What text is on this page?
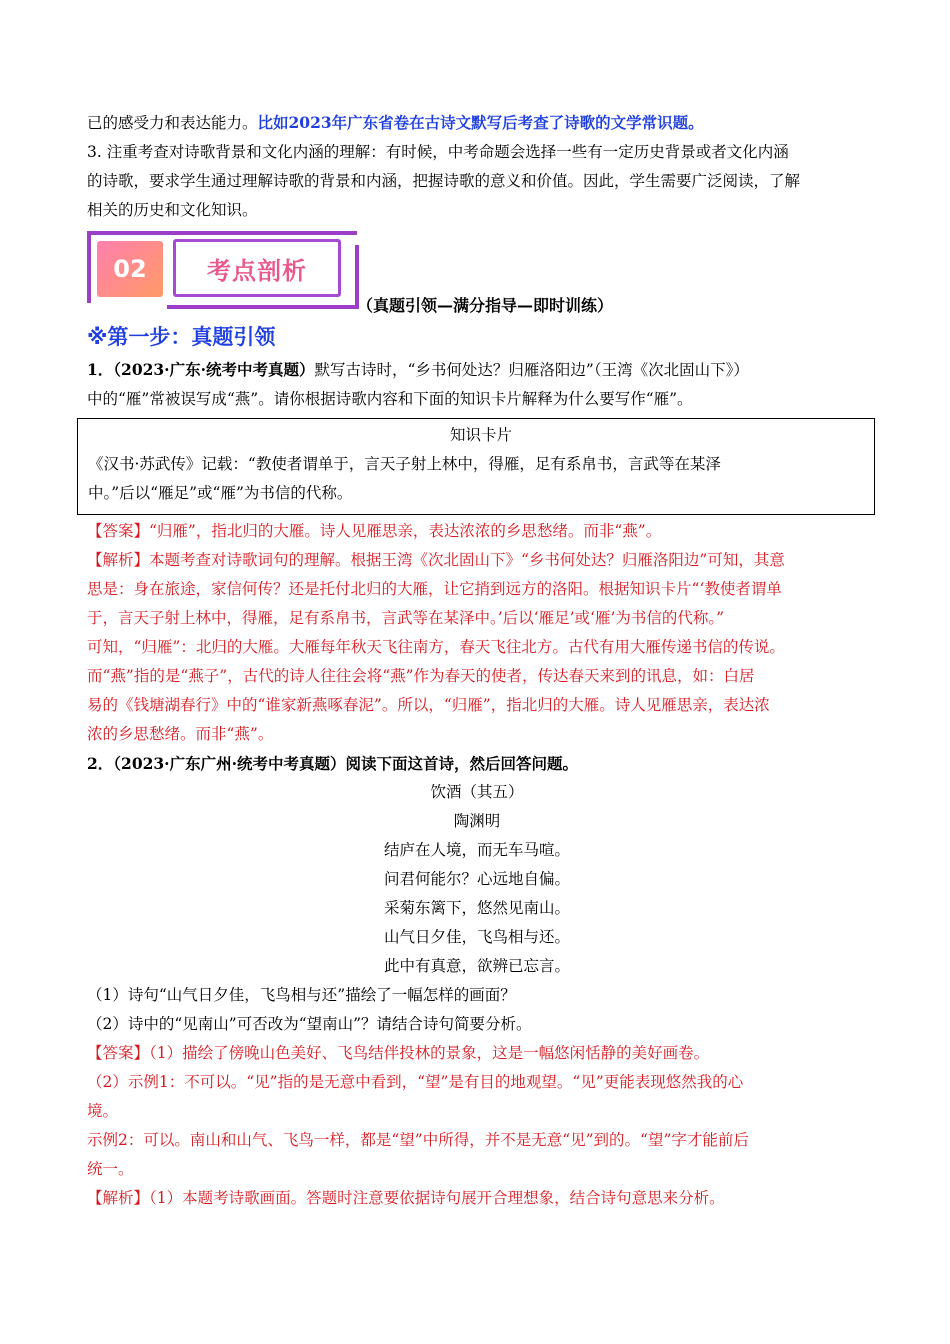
已的感受力和表达能力。比如2023年广东省卷在古诗文默写后考查了诗歌的文学常识题。
3. 注重考查对诗歌背景和文化内涵的理解：有时候，中考命题会选择一些有一定历史背景或者文化内涵
的诗歌，要求学生通过理解诗歌的背景和内涵，把握诗歌的意义和价值。因此，学生需要广泛阅读，了解
相关的历史和文化知识。
02	考点剖析
（真题引领—满分指导—即时训练）
※第一步：真题引领
1．（2023·广东·统考中考真题）默写古诗时，“乡书何处达？归雁洛阳边”（王湾《次北固山下》）
中的“雁”常被误写成“燕”。请你根据诗歌内容和下面的知识卡片解释为什么要写作“雁”。
知识卡片
《汉书·苏武传》记载：“教使者谓单于，言天子射上林中，得雁，足有系帛书，言武等在某泽
中。”后以“雁足”或“雁”为书信的代称。
【答案】“归雁”，指北归的大雁。诗人见雁思亲，表达浓浓的乡思愁绪。而非“燕”。
【解析】本题考查对诗歌词句的理解。根据王湾《次北固山下》“乡书何处达？归雁洛阳边”可知，其意
思是：身在旅途，家信何传？还是托付北归的大雁，让它捎到远方的洛阳。根据知识卡片“‘教使者谓单
于，言天子射上林中，得雁，足有系帛书，言武等在某泽中。’后以‘雁足’或‘雁’为书信的代称。”
可知，“归雁”：北归的大雁。大雁每年秋天飞往南方，春天飞往北方。古代有用大雁传递书信的传说。
而“燕”指的是“燕子”，古代的诗人往往会将“燕”作为春天的使者，传达春天来到的讯息，如：白居
易的《钱塘湖春行》中的“谁家新燕啄春泥”。所以，“归雁”，指北归的大雁。诗人见雁思亲，表达浓
浓的乡思愁绪。而非“燕”。
2．（2023·广东广州·统考中考真题）阅读下面这首诗，然后回答问题。
饮酒（其五）
陶渊明
结庐在人境，而无车马喧。
问君何能尔？心远地自偏。
采菊东篱下，悠然见南山。
山气日夕佳，飞鸟相与还。
此中有真意，欲辨已忘言。
（1）诗句“山气日夕佳，飞鸟相与还”描绘了一幅怎样的画面？
（2）诗中的“见南山”可否改为“望南山”？请结合诗句简要分析。
【答案】（1）描绘了傍晚山色美好、飞鸟结伴投林的景象，这是一幅悠闲恬静的美好画卷。
（2）示例1：不可以。“见”指的是无意中看到，“望”是有目的地观望。“见”更能表现悠然我的心
境。
示例2：可以。南山和山气、飞鸟一样，都是“望”中所得，并不是无意“见”到的。“望”字才能前后
统一。
【解析】（1）本题考诗歌画面。答题时注意要依据诗句展开合理想象，结合诗句意思来分析。
